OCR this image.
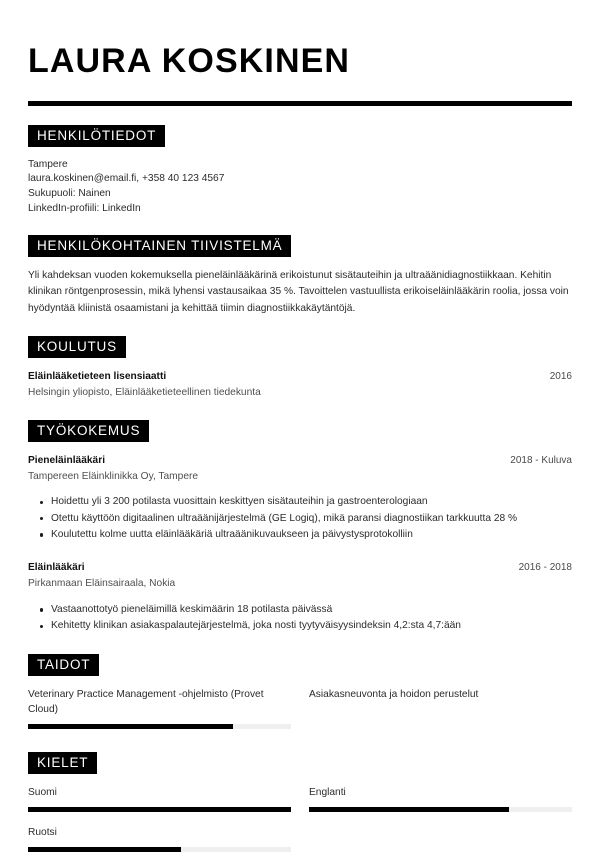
LAURA KOSKINEN
HENKILÖTIEDOT
Tampere
laura.koskinen@email.fi, +358 40 123 4567
Sukupuoli: Nainen
LinkedIn-profiili: LinkedIn
HENKILÖKOHTAINEN TIIVISTELMÄ
Yli kahdeksan vuoden kokemuksella pieneläinlääkärinä erikoistunut sisätauteihin ja ultraäänidiagnostiikkaan. Kehitin klinikan röntgenprosessin, mikä lyhensi vastausaikaa 35 %. Tavoittelen vastuullista erikoiseläinlääkärin roolia, jossa voin hyödyntää kliinistä osaamistani ja kehittää tiimin diagnostiikkakäytäntöjä.
KOULUTUS
Eläinlääketieteen lisensiaatti	2016
Helsingin yliopisto, Eläinlääketieteellinen tiedekunta
TYÖKOKEMUS
Pieneläinlääkäri	2018 - Kuluva
Tampereen Eläinklinikka Oy, Tampere
Hoidettu yli 3 200 potilasta vuosittain keskittyen sisätauteihin ja gastroenterologiaan
Otettu käyttöön digitaalinen ultraäänijärjestelmä (GE Logiq), mikä paransi diagnostiikan tarkkuutta 28 %
Koulutettu kolme uutta eläinlääkäriä ultraäänikuvaukseen ja päivystysprotokolliin
Eläinlääkäri	2016 - 2018
Pirkanmaan Eläinsairaala, Nokia
Vastaanottotyö pieneläimillä keskimäärin 18 potilasta päivässä
Kehitetty klinikan asiakaspalautejärjestelmä, joka nosti tyytyväisyysindeksin 4,2:sta 4,7:ään
TAIDOT
Veterinary Practice Management -ohjelmisto (Provet Cloud)
Asiakasneuvonta ja hoidon perustelut
KIELET
Suomi	Englanti
Ruotsi
